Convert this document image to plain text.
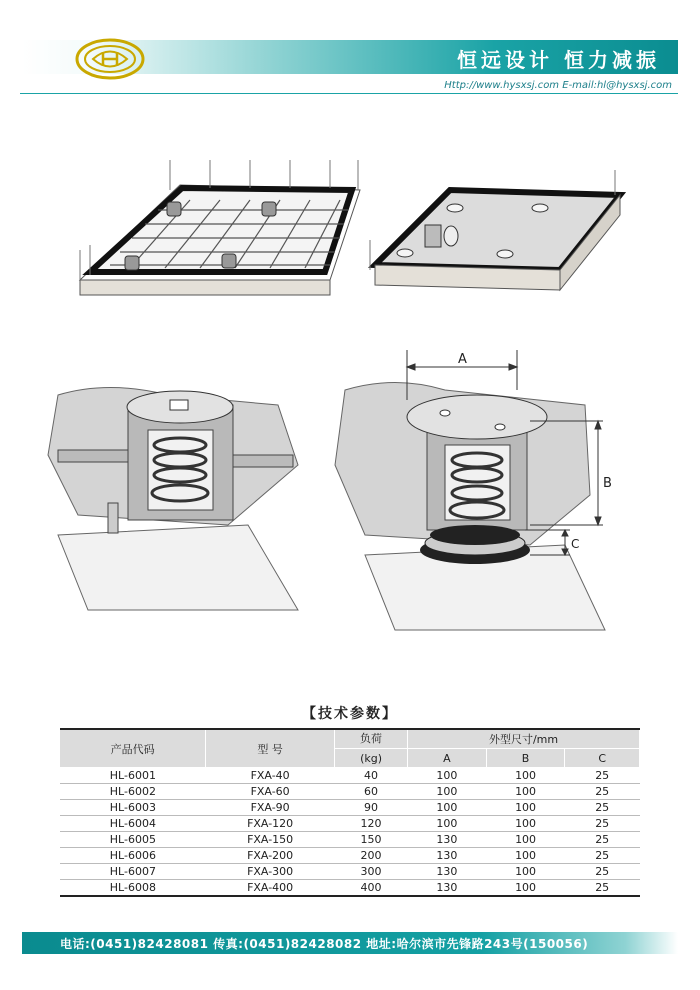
恒远设计 恒力减振
Http://www.hysxsj.com E-mail:hl@hysxsj.com
A
B
C
【技术参数】
产品代码	型 号	负荷	外型尺寸/mm		
		(kg)	A	B	C
HL-6001	FXA-40	40	100	100	25
HL-6002	FXA-60	60	100	100	25
HL-6003	FXA-90	90	100	100	25
HL-6004	FXA-120	120	100	100	25
HL-6005	FXA-150	150	130	100	25
HL-6006	FXA-200	200	130	100	25
HL-6007	FXA-300	300	130	100	25
HL-6008	FXA-400	400	130	100	25
电话:(0451)82428081 传真:(0451)82428082 地址:哈尔滨市先锋路243号(150056)
